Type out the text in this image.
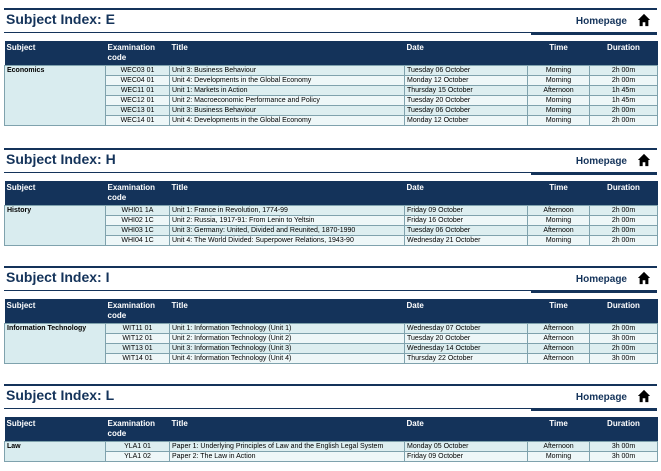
Subject Index: E	Homepage
Subject	Examination code	Title	Date	Time	Duration
Economics	WEC03 01	Unit 3: Business Behaviour	Tuesday 06 October	Morning	2h 00m
	WEC04 01	Unit 4: Developments in the Global Economy	Monday 12 October	Morning	2h 00m
	WEC11 01	Unit 1: Markets in Action	Thursday 15 October	Afternoon	1h 45m
	WEC12 01	Unit 2: Macroeconomic Performance and Policy	Tuesday 20 October	Morning	1h 45m
	WEC13 01	Unit 3: Business Behaviour	Tuesday 06 October	Morning	2h 00m
	WEC14 01	Unit 4: Developments in the Global Economy	Monday 12 October	Morning	2h 00m
Subject Index: H	Homepage
Subject	Examination code	Title	Date	Time	Duration
History	WHI01 1A	Unit 1: France in Revolution, 1774-99	Friday 09 October	Afternoon	2h 00m
	WHI02 1C	Unit 2: Russia, 1917-91: From Lenin to Yeltsin	Friday 16 October	Morning	2h 00m
	WHI03 1C	Unit 3: Germany: United, Divided and Reunited, 1870-1990	Tuesday 06 October	Afternoon	2h 00m
	WHI04 1C	Unit 4: The World Divided: Superpower Relations, 1943-90	Wednesday 21 October	Morning	2h 00m
Subject Index: I	Homepage
Subject	Examination code	Title	Date	Time	Duration
Information Technology	WIT11 01	Unit 1: Information Technology (Unit 1)	Wednesday 07 October	Afternoon	2h 00m
	WIT12 01	Unit 2: Information Technology (Unit 2)	Tuesday 20 October	Afternoon	3h 00m
	WIT13 01	Unit 3: Information Technology (Unit 3)	Wednesday 14 October	Afternoon	2h 00m
	WIT14 01	Unit 4: Information Technology (Unit 4)	Thursday 22 October	Afternoon	3h 00m
Subject Index: L	Homepage
Subject	Examination code	Title	Date	Time	Duration
Law	YLA1 01	Paper 1: Underlying Principles of Law and the English Legal System	Monday 05 October	Afternoon	3h 00m
	YLA1 02	Paper 2: The Law in Action	Friday 09 October	Morning	3h 00m
